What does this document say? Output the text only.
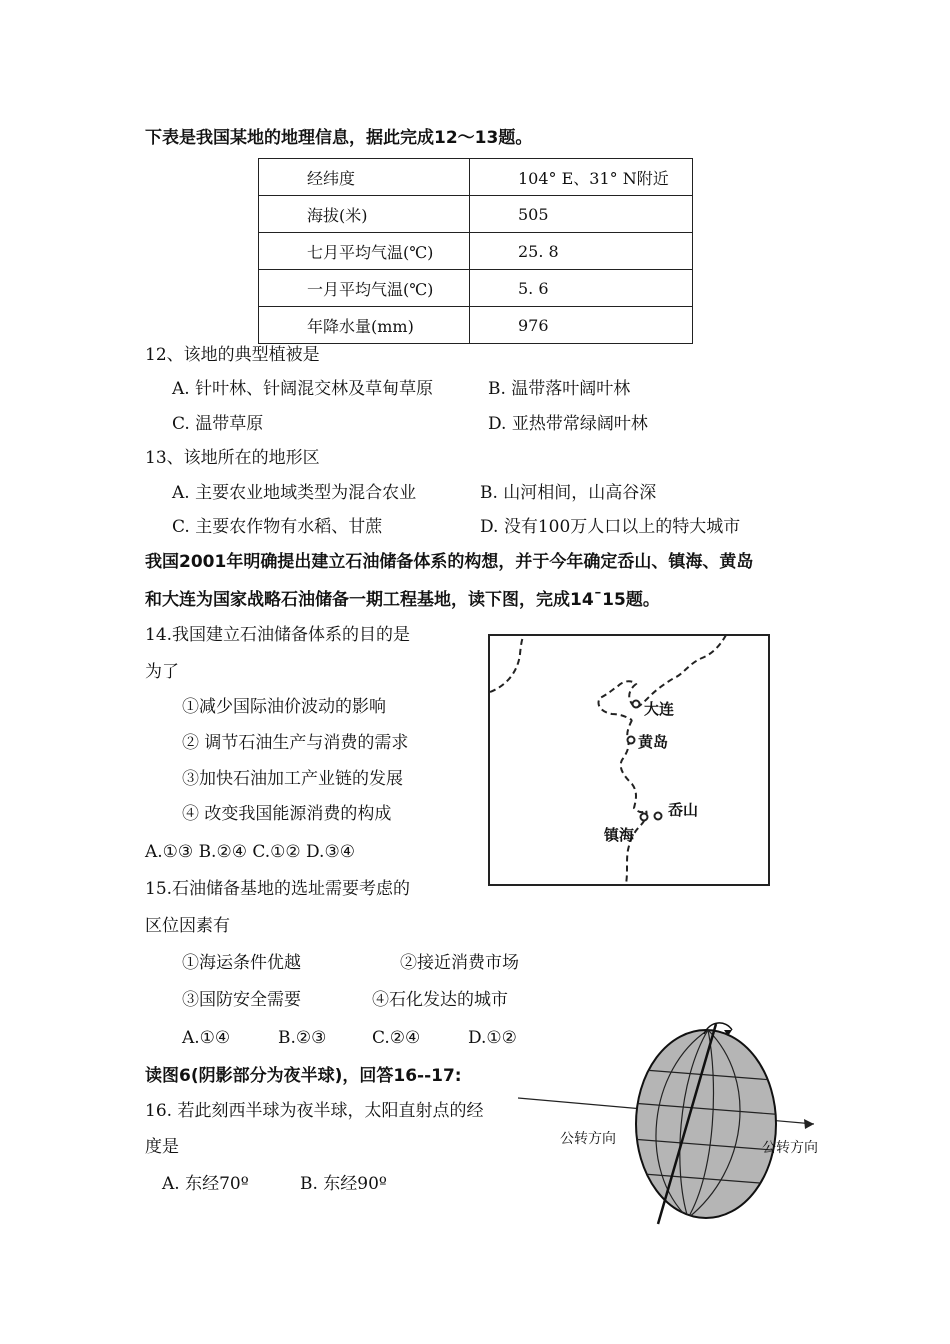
下表是我国某地的地理信息，据此完成12～13题。
经纬度	104° E、31° N附近
海拔(米)	505
七月平均气温(℃)	25. 8
一月平均气温(℃)	5. 6
年降水量(mm)	976
12、该地的典型植被是
A. 针叶林、针阔混交林及草甸草原	B. 温带落叶阔叶林
C. 温带草原	D. 亚热带常绿阔叶林
13、该地所在的地形区
A. 主要农业地域类型为混合农业	B. 山河相间，山高谷深
C. 主要农作物有水稻、甘蔗	D. 没有100万人口以上的特大城市
我国2001年明确提出建立石油储备体系的构想，并于今年确定岙山、镇海、黄岛
和大连为国家战略石油储备一期工程基地，读下图，完成14¯15题。
14.我国建立石油储备体系的目的是
为了
①减少国际油价波动的影响
② 调节石油生产与消费的需求
③加快石油加工产业链的发展
④ 改变我国能源消费的构成
A.①③ B.②④ C.①② D.③④
大连
黄岛
岙山
镇海
15.石油储备基地的选址需要考虑的
区位因素有
①海运条件优越	②接近消费市场
③国防安全需要	④石化发达的城市
A.①④	B.②③	C.②④	D.①②
读图6(阴影部分为夜半球)，回答16--17:
16. 若此刻西半球为夜半球，太阳直射点的经
度是
A. 东经70º	B. 东经90º
公转方向
公转方向
